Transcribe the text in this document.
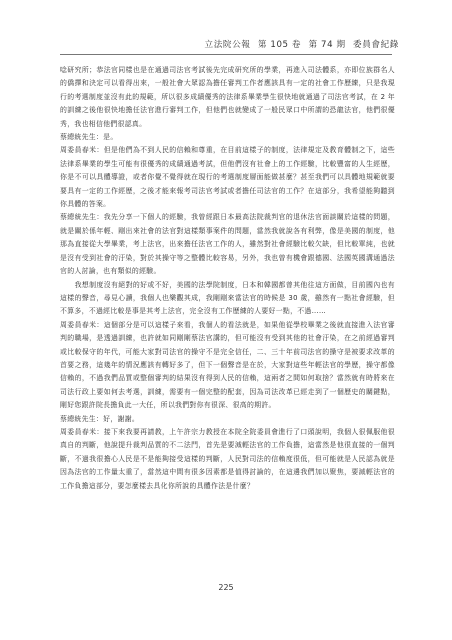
立法院公報 第 105 卷 第 74 期 委員會紀錄

唸研究所；恭法官同樣也是在通過司法官考試後先完成研究所的學業，再進入司法體系，亦即位族群名人的僑擇和決定可以看得出來，一般社會大眾認為擔任審判工作者應該具有一定的社會工作歷練，只是我現行的考選制度並沒有此的規範，所以很多成績優秀的法律系畢業學生很快地就通過了司法官考試，在 2 年的訓練之後他很快地擔任法官進行審判工作，但他們也就變成了一般民眾口中所謂的恐龍法官，他們很優秀，我也相信他們很認真。

蔡總統先生：是。

周委員春米：但是他們為不到人民的信賴和尊重，在目前這樣子的制度，法律規定及教育體制之下，這些法律系畢業的學生可能有很優秀的成績通過考試，但他們沒有社會上的工作經驗，比較豐富的人生經歷，你是不可以具體導證，或者你覺不覺得就在現行的考選制度層面能做甚麼？甚至我們可以具體地規範就要要具有一定的工作經歷，之後才能來報考司法官考試或者擔任司法官的工作？在這部分，我希望能夠聽到你具體的答案。

蔡總統先生：我先分享一下個人的經驗，我曾經跟日本最高法院裁判官的退休法官面談關於這樣的問題，就是關於係年輕、剛出來社會的法官對這樣類事案件的問題，當然我就說各有利弊，像是美國的制度，他那為直接從大學畢業，考上法官，出來擔任法官工作的人，雖然對社會經驗比較欠缺，但比較單純，也就是沒有受到社會的汙染，對於其操守等之整體比較容易，另外，我也曾有機會跟德國、法國英國溝通過法官的人討論，也有類似的經驗。

　　我想制度沒有絕對的好或不好，美國的法學院制度，日本和韓國都曾其他往這方面做，目前國內也有這樣的聲音，尋見心讀，我個人也樂觀其成，我剛剛來當法官的時候是 30 歲，雖然有一點社會經驗，但不算多，不過經比較是事是其考上法官，完全沒有工作歷練的人要好一點，不過……

周委員春米：這個部分是可以這樣子來看，我個人的看法就是，如果他從學校畢業之後就直接進入法官審判的職場，是透過訓練，也許就如同剛剛蔡法官講的，但可能沒有受到其他的社會汙染，在之前經過審判或比較保守的年代，可能大家對司法官的操守不是完全信任，二、三十年前司法官的操守是被要求改革的首要之務，這幾年的情況應該有轉好多了，但下一個聲音是在於，大家對這些年輕法官的學歷，操守都像信賴的，不過我們品質或整個審判的結果沒有得到人民的信賴，這兩者之間如何取捨？當然就有時將來在司法行政上要如何去考選，訓練，需要有一個完整的配套，因為司法改革已經走到了一個歷史的關鍵點，剛好您跟許院長擔負此一大任，所以我們對你有很深、很高的期許。

蔡總統先生：好，謝謝。

周委員春米：接下來我要再請教，上午許宗力教授在本院全院委員會進行了口頭說明，我個人很佩服他很真自的判斷，他說提升裁判品質的不二法門，首先是要減輕法官的工作負擔，這當然是他很直接的一個判斷，不過我很擔心人民是不是能夠接受這樣的判斷，人民對司法的信賴度很低，但可能就是人民認為就是因為法官的工作量太重了，當然這中間有很多因素都是值得討論的，在這邊我們加以聚焦，要減輕法官的工作負擔這部分，要怎麼樣去具化你所說的具體作法是什麼？

225
